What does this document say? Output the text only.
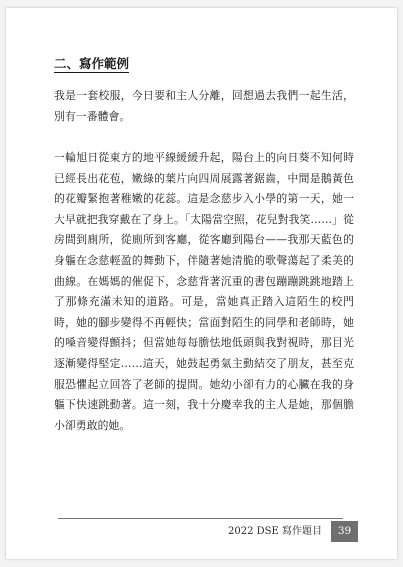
二、寫作範例
我是一套校服，今日要和主人分離，回想過去我們一起生活，別有一番體會。
一輪旭日從東方的地平線緩緩升起，陽台上的向日葵不知何時已經長出花苞，嫩綠的葉片向四周展露著鋸齒，中間是鵝黃色的花瓣緊抱著稚嫩的花蕊。這是念慈步入小學的第一天，她一大早就把我穿戴在了身上。「太陽當空照，花兒對我笑……」從房間到廁所，從廁所到客廳，從客廳到陽台——我那天藍色的身軀在念慈輕盈的舞動下，伴隨著她清脆的歌聲蕩起了柔美的曲線。在媽媽的催促下，念慈背著沉重的書包蹦蹦跳跳地踏上了那條充滿未知的道路。可是，當她真正踏入這陌生的校門時，她的腳步變得不再輕快；當面對陌生的同學和老師時，她的嗓音變得顫抖；但當她每每膽怯地低頭與我對視時，那目光逐漸變得堅定……這天，她鼓起勇氣主動結交了朋友，甚至克服恐懼起立回答了老師的提問。她幼小卻有力的心臟在我的身軀下快速跳動著。這一刻，我十分慶幸我的主人是她，那個膽小卻勇敢的她。
2022 DSE 寫作題目	39
